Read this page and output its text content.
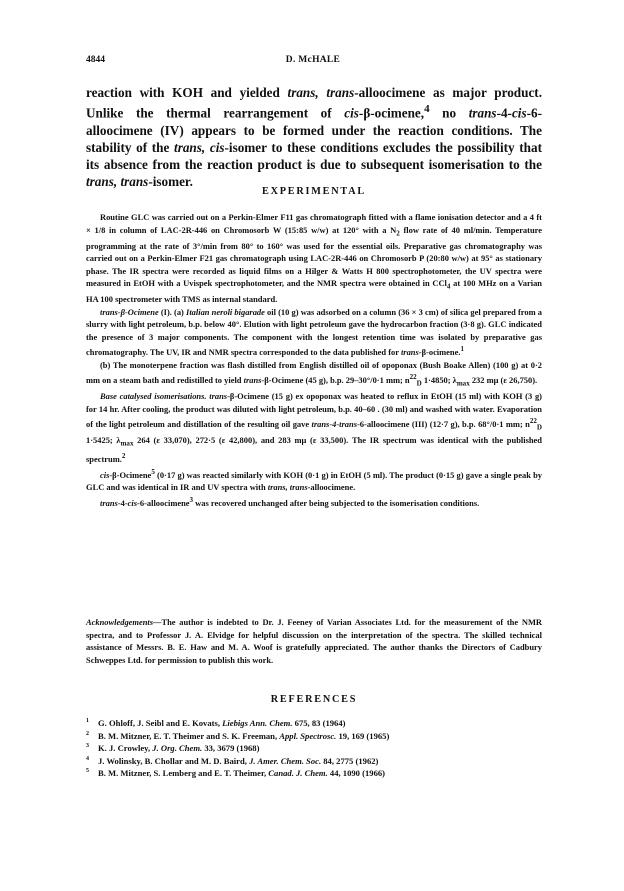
4844	D. McHALE
reaction with KOH and yielded trans, trans-alloocimene as major product. Unlike the thermal rearrangement of cis-β-ocimene,$^4$ no trans-4-cis-6-alloocimene (IV) appears to be formed under the reaction conditions. The stability of the trans, cis-isomer to these conditions excludes the possibility that its absence from the reaction product is due to subsequent isomerisation to the trans, trans-isomer.
EXPERIMENTAL

Routine GLC was carried out on a Perkin-Elmer F11 gas chromatograph fitted with a flame ionisation detector and a 4 ft × 1/8 in column of LAC-2R-446 on Chromosorb W (15:85 w/w) at 120° with a $N_2$ flow rate of 40 ml/min. Temperature programming at the rate of 3°/min from 80° to 160° was used for the essential oils. Preparative gas chromatography was carried out on a Perkin-Elmer F21 gas chromatograph using LAC-2R-446 on Chromosorb P (20:80 w/w) at 95° as stationary phase. The IR spectra were recorded as liquid films on a Hilger & Watts H 800 spectrophotometer, the UV spectra were measured in EtOH with a Uvispek spectrophotometer, and the NMR spectra were obtained in CCl$_4$ at 100 MHz on a Varian HA 100 spectrometer with TMS as internal standard.

trans-β-Ocimene (I). (a) Italian neroli bigarade oil (10 g) was adsorbed on a column (36 × 3 cm) of silica gel prepared from a slurry with light petroleum, b.p. below 40°. Elution with light petroleum gave the hydrocarbon fraction (3·8 g). GLC indicated the presence of 3 major components. The component with the longest retention time was isolated by preparative gas chromatography. The UV, IR and NMR spectra corresponded to the data published for trans-β-ocimene.$^1$

(b) The monoterpene fraction was flash distilled from English distilled oil of opoponax (Bush Boake Allen) (100 g) at 0·2 mm on a steam bath and redistilled to yield trans-β-Ocimene (45 g), b.p. 29–30°/0·1 mm; $n^{22}_D$ 1·4850; $\lambda_{max}$ 232 mμ (ε 26,750).

Base catalysed isomerisations. trans-β-Ocimene (15 g) ex opoponax was heated to reflux in EtOH (15 ml) with KOH (3 g) for 14 hr. After cooling, the product was diluted with light petroleum, b.p. 40–60 . (30 ml) and washed with water. Evaporation of the light petroleum and distillation of the resulting oil gave trans-4-trans-6-alloocimene (III) (12·7 g), b.p. 68°/0·1 mm; $n^{22}_D$ 1·5425; $\lambda_{max}$ 264 (ε 33,070), 272·5 (ε 42,800), and 283 mμ (ε 33,500). The IR spectrum was identical with the published spectrum.$^2$

cis-β-Ocimene$^5$ (0·17 g) was reacted similarly with KOH (0·1 g) in EtOH (5 ml). The product (0·15 g) gave a single peak by GLC and was identical in IR and UV spectra with trans, trans-alloocimene.

trans-4-cis-6-alloocimene$^3$ was recovered unchanged after being subjected to the isomerisation conditions.

Acknowledgements—The author is indebted to Dr. J. Feeney of Varian Associates Ltd. for the measurement of the NMR spectra, and to Professor J. A. Elvidge for helpful discussion on the interpretation of the spectra. The skilled technical assistance of Messrs. B. E. Haw and M. A. Woof is gratefully appreciated. The author thanks the Directors of Cadbury Schweppes Ltd. for permission to publish this work.

REFERENCES
1 G. Ohloff, J. Seibl and E. Kovats, Liebigs Ann. Chem. 675, 83 (1964)
2 B. M. Mitzner, E. T. Theimer and S. K. Freeman, Appl. Spectrosc. 19, 169 (1965)
3 K. J. Crowley, J. Org. Chem. 33, 3679 (1968)
4 J. Wolinsky, B. Chollar and M. D. Baird, J. Amer. Chem. Soc. 84, 2775 (1962)
5 B. M. Mitzner, S. Lemberg and E. T. Theimer, Canad. J. Chem. 44, 1090 (1966)
